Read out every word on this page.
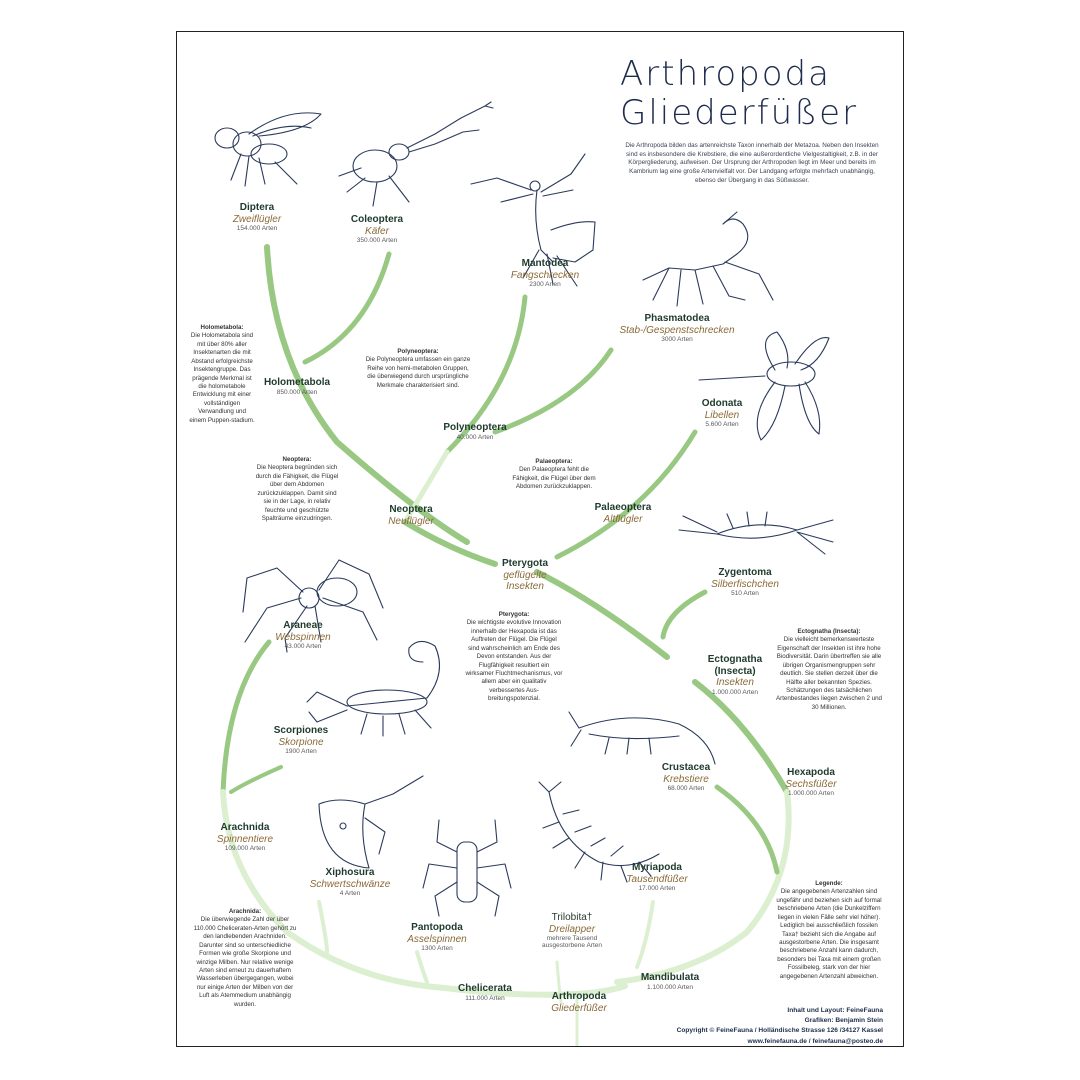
Arthropoda
Gliederfüßer
Die Arthropoda bilden das artenreichste Taxon innerhalb der Metazoa. Neben den Insekten sind es insbesondere die Krebstiere, die eine außerordentliche Vielgestaltigkeit, z.B. in der Körpergliederung, aufweisen. Der Ursprung der Arthropoden liegt im Meer und bereits im Kambrium lag eine große Artenvielfalt vor. Der Landgang erfolgte mehrfach unabhängig, ebenso der Übergang in das Süßwasser.
Diptera
Zweiflügler
154.000 Arten
Coleoptera
Käfer
350.000 Arten
Mantodea
Fangschrecken
2300 Arten
Phasmatodea
Stab-/Gespenstschrecken
3000 Arten
Odonata
Libellen
5.600 Arten
Holometabola
850.000 Arten
Polyneoptera
40.000 Arten
Neoptera
Neuflügler
Palaeoptera
Altflügler
Pterygota
geflügelte
Insekten
Zygentoma
Silberfischchen
510 Arten
Ectognatha
(Insecta)
Insekten
1.000.000 Arten
Araneae
Webspinnen
43.000 Arten
Scorpiones
Skorpione
1900 Arten
Crustacea
Krebstiere
68.000 Arten
Hexapoda
Sechsfüßer
1.000.000 Arten
Arachnida
Spinnentiere
109.000 Arten
Xiphosura
Schwertschwänze
4 Arten
Pantopoda
Asselspinnen
1300 Arten
Trilobita†
Dreilapper
mehrere Tausend
ausgestorbene Arten
Myriapoda
Tausendfüßer
17.000 Arten
Mandibulata
1.100.000 Arten
Chelicerata
111.000 Arten	Arthropoda
Gliederfüßer
Holometabola:
Die Holometabola sind mit über 80% aller Insektenarten die mit Abstand erfolgreichste Insektengruppe. Das prägende Merkmal ist die holometabole Entwicklung mit einer vollständigen Verwandlung und einem Puppen-stadium.
Polyneoptera:
Die Polyneoptera umfassen ein ganze Reihe von hemi-metabolen Gruppen, die überwiegend durch ursprüngliche Merkmale charakterisiert sind.
Neoptera:
Die Neoptera begründen sich durch die Fähigkeit, die Flügel über dem Abdomen zurückzuklappen. Damit sind sie in der Lage, in relativ feuchte und geschützte Spalträume einzudringen.
Palaeoptera:
Den Palaeoptera fehlt die Fähigkeit, die Flügel über dem Abdomen zurückzuklappen.
Pterygota:
Die wichtigste evolutive Innovation innerhalb der Hexapoda ist das Auftreten der Flügel. Die Flügel sind wahrscheinlich am Ende des Devon entstanden. Aus der Flugfähigkeit resultiert ein wirksamer Fluchtmechanismus, vor allem aber ein qualitativ verbessertes Aus-breitungspotenzial.
Ectognatha (Insecta):
Die vielleicht bemerkenswerteste Eigenschaft der Insekten ist ihre hohe Biodiversität. Darin übertreffen sie alle übrigen Organismengruppen sehr deutlich. Sie stellen derzeit über die Hälfte aller bekannten Spezies. Schätzungen des tatsächlichen Artenbestandes liegen zwischen 2 und 30 Millionen.
Arachnida:
Die überwiegende Zahl der über 110.000 Cheliceraten-Arten gehört zu den landlebenden Arachniden. Darunter sind so unterschiedliche Formen wie große Skorpione und winzige Milben. Nur relative wenige Arten sind erneut zu dauerhaftem Wasserleben übergegangen, wobei nur einige Arten der Milben von der Luft als Atemmedium unabhängig wurden.
Legende:
Die angegebenen Artenzahlen sind ungefähr und beziehen sich auf formal beschriebene Arten (die Dunkelziffern liegen in vielen Fälle sehr viel höher). Lediglich bei ausschließlich fossilen Taxa† bezieht sich die Angabe auf ausgestorbene Arten. Die insgesamt beschriebene Anzahl kann dadurch, besonders bei Taxa mit einem großen Fossilbeleg, stark von der hier angegebenen Artenzahl abweichen.
Inhalt und Layout: FeineFauna
Grafiken: Benjamin Stein
Copyright © FeineFauna / Holländische Strasse 126 /34127 Kassel
www.feinefauna.de / feinefauna@posteo.de
